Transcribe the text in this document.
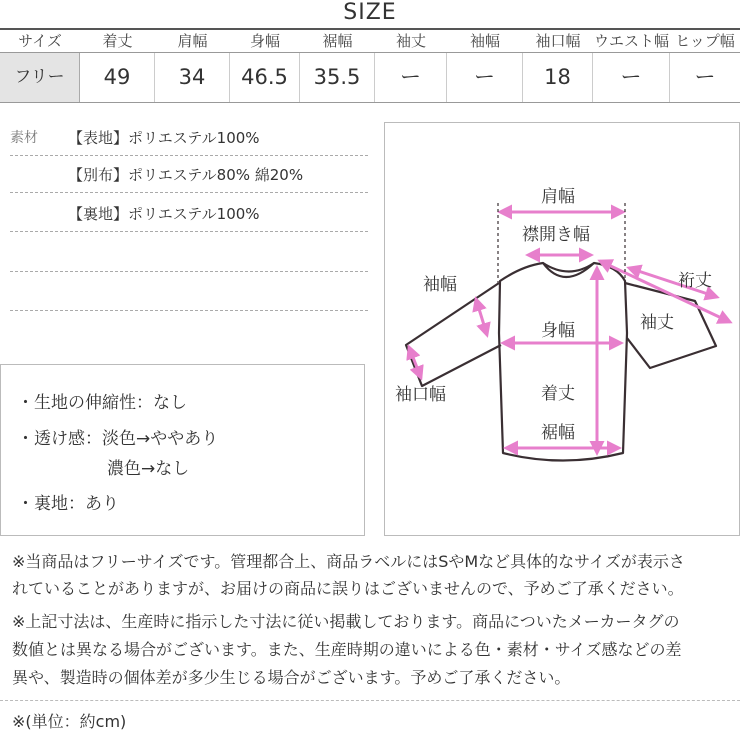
SIZE
サイズ	着丈	肩幅	身幅	裾幅	袖丈	袖幅	袖口幅 ウエスト幅 ヒップ幅
フリー	49	34	46.5	35.5	ー	ー	18	ー	ー
素材 【表地】ポリエステル100%
【別布】ポリエステル80% 綿20%
【裏地】ポリエステル100%
・生地の伸縮性：なし
・透け感：淡色→ややあり
濃色→なし
・裏地：あり
肩幅
襟開き幅
袖幅	裄丈
袖丈
身幅
袖口幅	着丈
裾幅
※当商品はフリーサイズです。管理都合上、商品ラベルにはSやMなど具体的なサイズが表示さ
れていることがありますが、お届けの商品に誤りはございませんので、予めご了承ください。
※上記寸法は、生産時に指示した寸法に従い掲載しております。商品についたメーカータグの
数値とは異なる場合がございます。また、生産時期の違いによる色・素材・サイズ感などの差
異や、製造時の個体差が多少生じる場合がございます。予めご了承ください。
※(単位：約cm)
